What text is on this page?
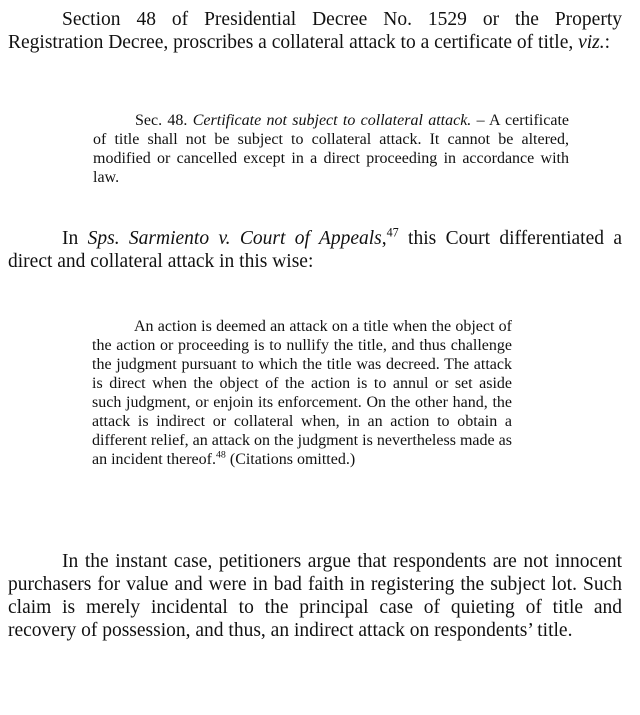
Section 48 of Presidential Decree No. 1529 or the Property Registration Decree, proscribes a collateral attack to a certificate of title, viz.:

Sec. 48. Certificate not subject to collateral attack. – A certificate of title shall not be subject to collateral attack. It cannot be altered, modified or cancelled except in a direct proceeding in accordance with law.

In Sps. Sarmiento v. Court of Appeals,$^{47}$ this Court differentiated a direct and collateral attack in this wise:

An action is deemed an attack on a title when the object of the action or proceeding is to nullify the title, and thus challenge the judgment pursuant to which the title was decreed. The attack is direct when the object of the action is to annul or set aside such judgment, or enjoin its enforcement. On the other hand, the attack is indirect or collateral when, in an action to obtain a different relief, an attack on the judgment is nevertheless made as an incident thereof.$^{48}$ (Citations omitted.)

In the instant case, petitioners argue that respondents are not innocent purchasers for value and were in bad faith in registering the subject lot. Such claim is merely incidental to the principal case of quieting of title and recovery of possession, and thus, an indirect attack on respondents’ title.
